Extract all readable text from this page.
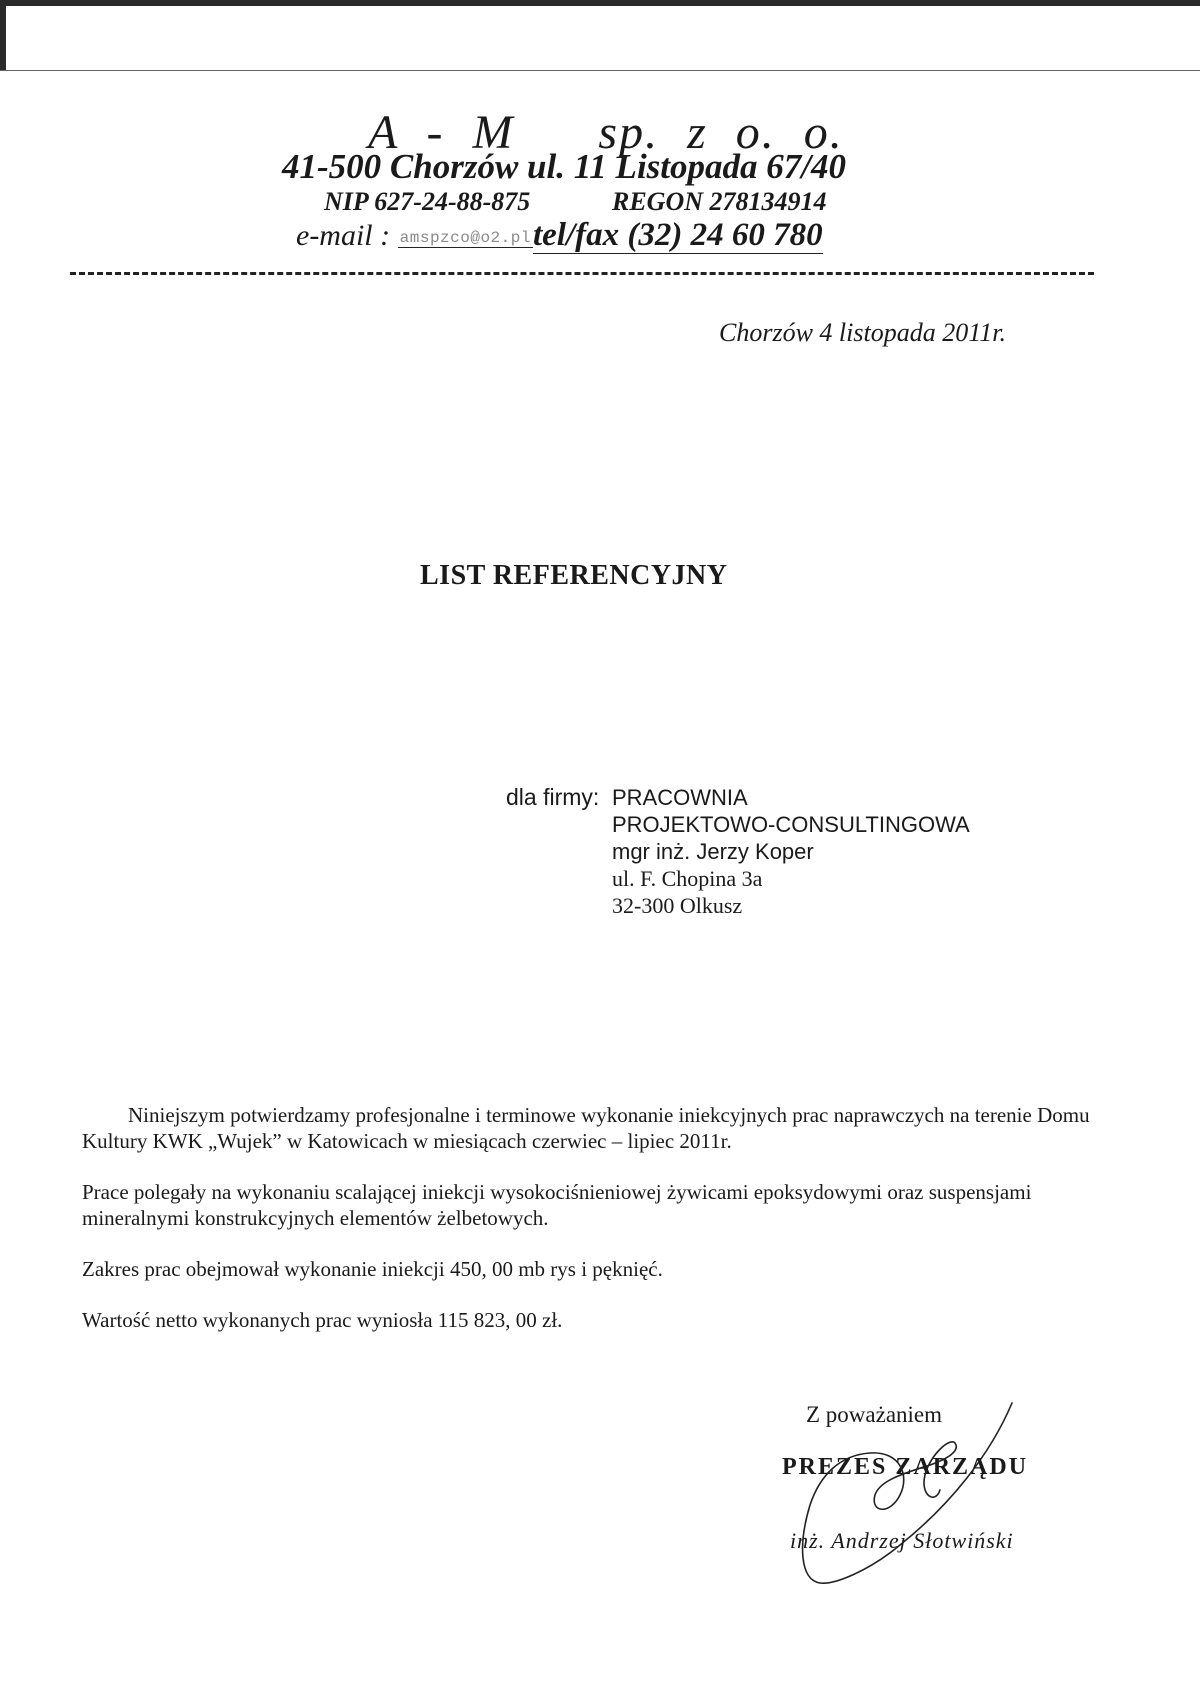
A  -  M      sp.  z  o.  o.
41-500 Chorzów ul. 11 Listopada 67/40
NIP 627-24-88-875	REGON 278134914
e-mail : amspzco@o2.pltel/fax (32) 24 60 780
Chorzów 4 listopada 2011r.
LIST REFERENCYJNY
dla firmy: PRACOWNIA
PROJEKTOWO-CONSULTINGOWA
mgr inż. Jerzy Koper
ul. F. Chopina 3a
32-300 Olkusz

Niniejszym potwierdzamy profesjonalne i terminowe wykonanie iniekcyjnych prac naprawczych na terenie Domu Kultury KWK „Wujek” w Katowicach w miesiącach czerwiec – lipiec 2011r.

Prace polegały na wykonaniu scalającej iniekcji wysokociśnieniowej żywicami epoksydowymi oraz suspensjami mineralnymi konstrukcyjnych elementów żelbetowych.

Zakres prac obejmował wykonanie iniekcji 450, 00 mb rys i pęknięć.

Wartość netto wykonanych prac wyniosła 115 823, 00 zł.

Z poważaniem
PREZES ZARZĄDU
inż. Andrzej Słotwiński
